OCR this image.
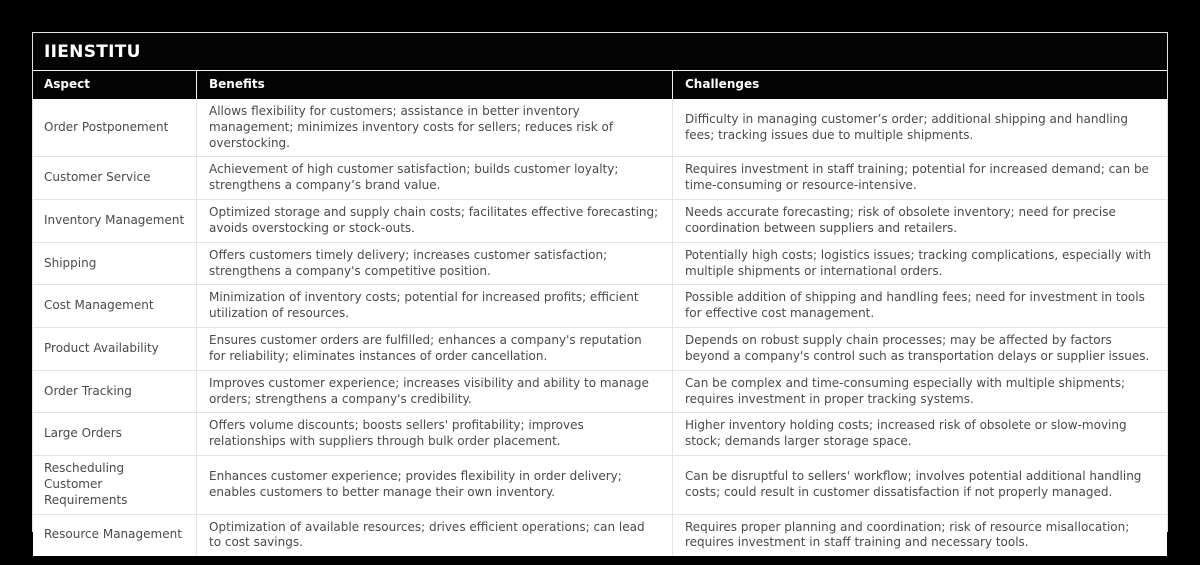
IIENSTITU
Aspect	Benefits	Challenges
Order Postponement
Allows flexibility for customers; assistance in better inventory management; minimizes inventory costs for sellers; reduces risk of overstocking.
Difficulty in managing customer’s order; additional shipping and handling fees; tracking issues due to multiple shipments.
Customer Service
Achievement of high customer satisfaction; builds customer loyalty; strengthens a company’s brand value.
Requires investment in staff training; potential for increased demand; can be time-consuming or resource-intensive.
Inventory Management
Optimized storage and supply chain costs; facilitates effective forecasting; avoids overstocking or stock-outs.
Needs accurate forecasting; risk of obsolete inventory; need for precise coordination between suppliers and retailers.
Shipping
Offers customers timely delivery; increases customer satisfaction; strengthens a company's competitive position.
Potentially high costs; logistics issues; tracking complications, especially with multiple shipments or international orders.
Cost Management
Minimization of inventory costs; potential for increased profits; efficient utilization of resources.
Possible addition of shipping and handling fees; need for investment in tools for effective cost management.
Product Availability
Ensures customer orders are fulfilled; enhances a company's reputation for reliability; eliminates instances of order cancellation.
Depends on robust supply chain processes; may be affected by factors beyond a company's control such as transportation delays or supplier issues.
Order Tracking
Improves customer experience; increases visibility and ability to manage orders; strengthens a company's credibility.
Can be complex and time-consuming especially with multiple shipments; requires investment in proper tracking systems.
Large Orders
Offers volume discounts; boosts sellers' profitability; improves relationships with suppliers through bulk order placement.
Higher inventory holding costs; increased risk of obsolete or slow-moving stock; demands larger storage space.
Rescheduling Customer Requirements
Enhances customer experience; provides flexibility in order delivery; enables customers to better manage their own inventory.
Can be disruptful to sellers' workflow; involves potential additional handling costs; could result in customer dissatisfaction if not properly managed.
Resource Management
Optimization of available resources; drives efficient operations; can lead to cost savings.
Requires proper planning and coordination; risk of resource misallocation; requires investment in staff training and necessary tools.
